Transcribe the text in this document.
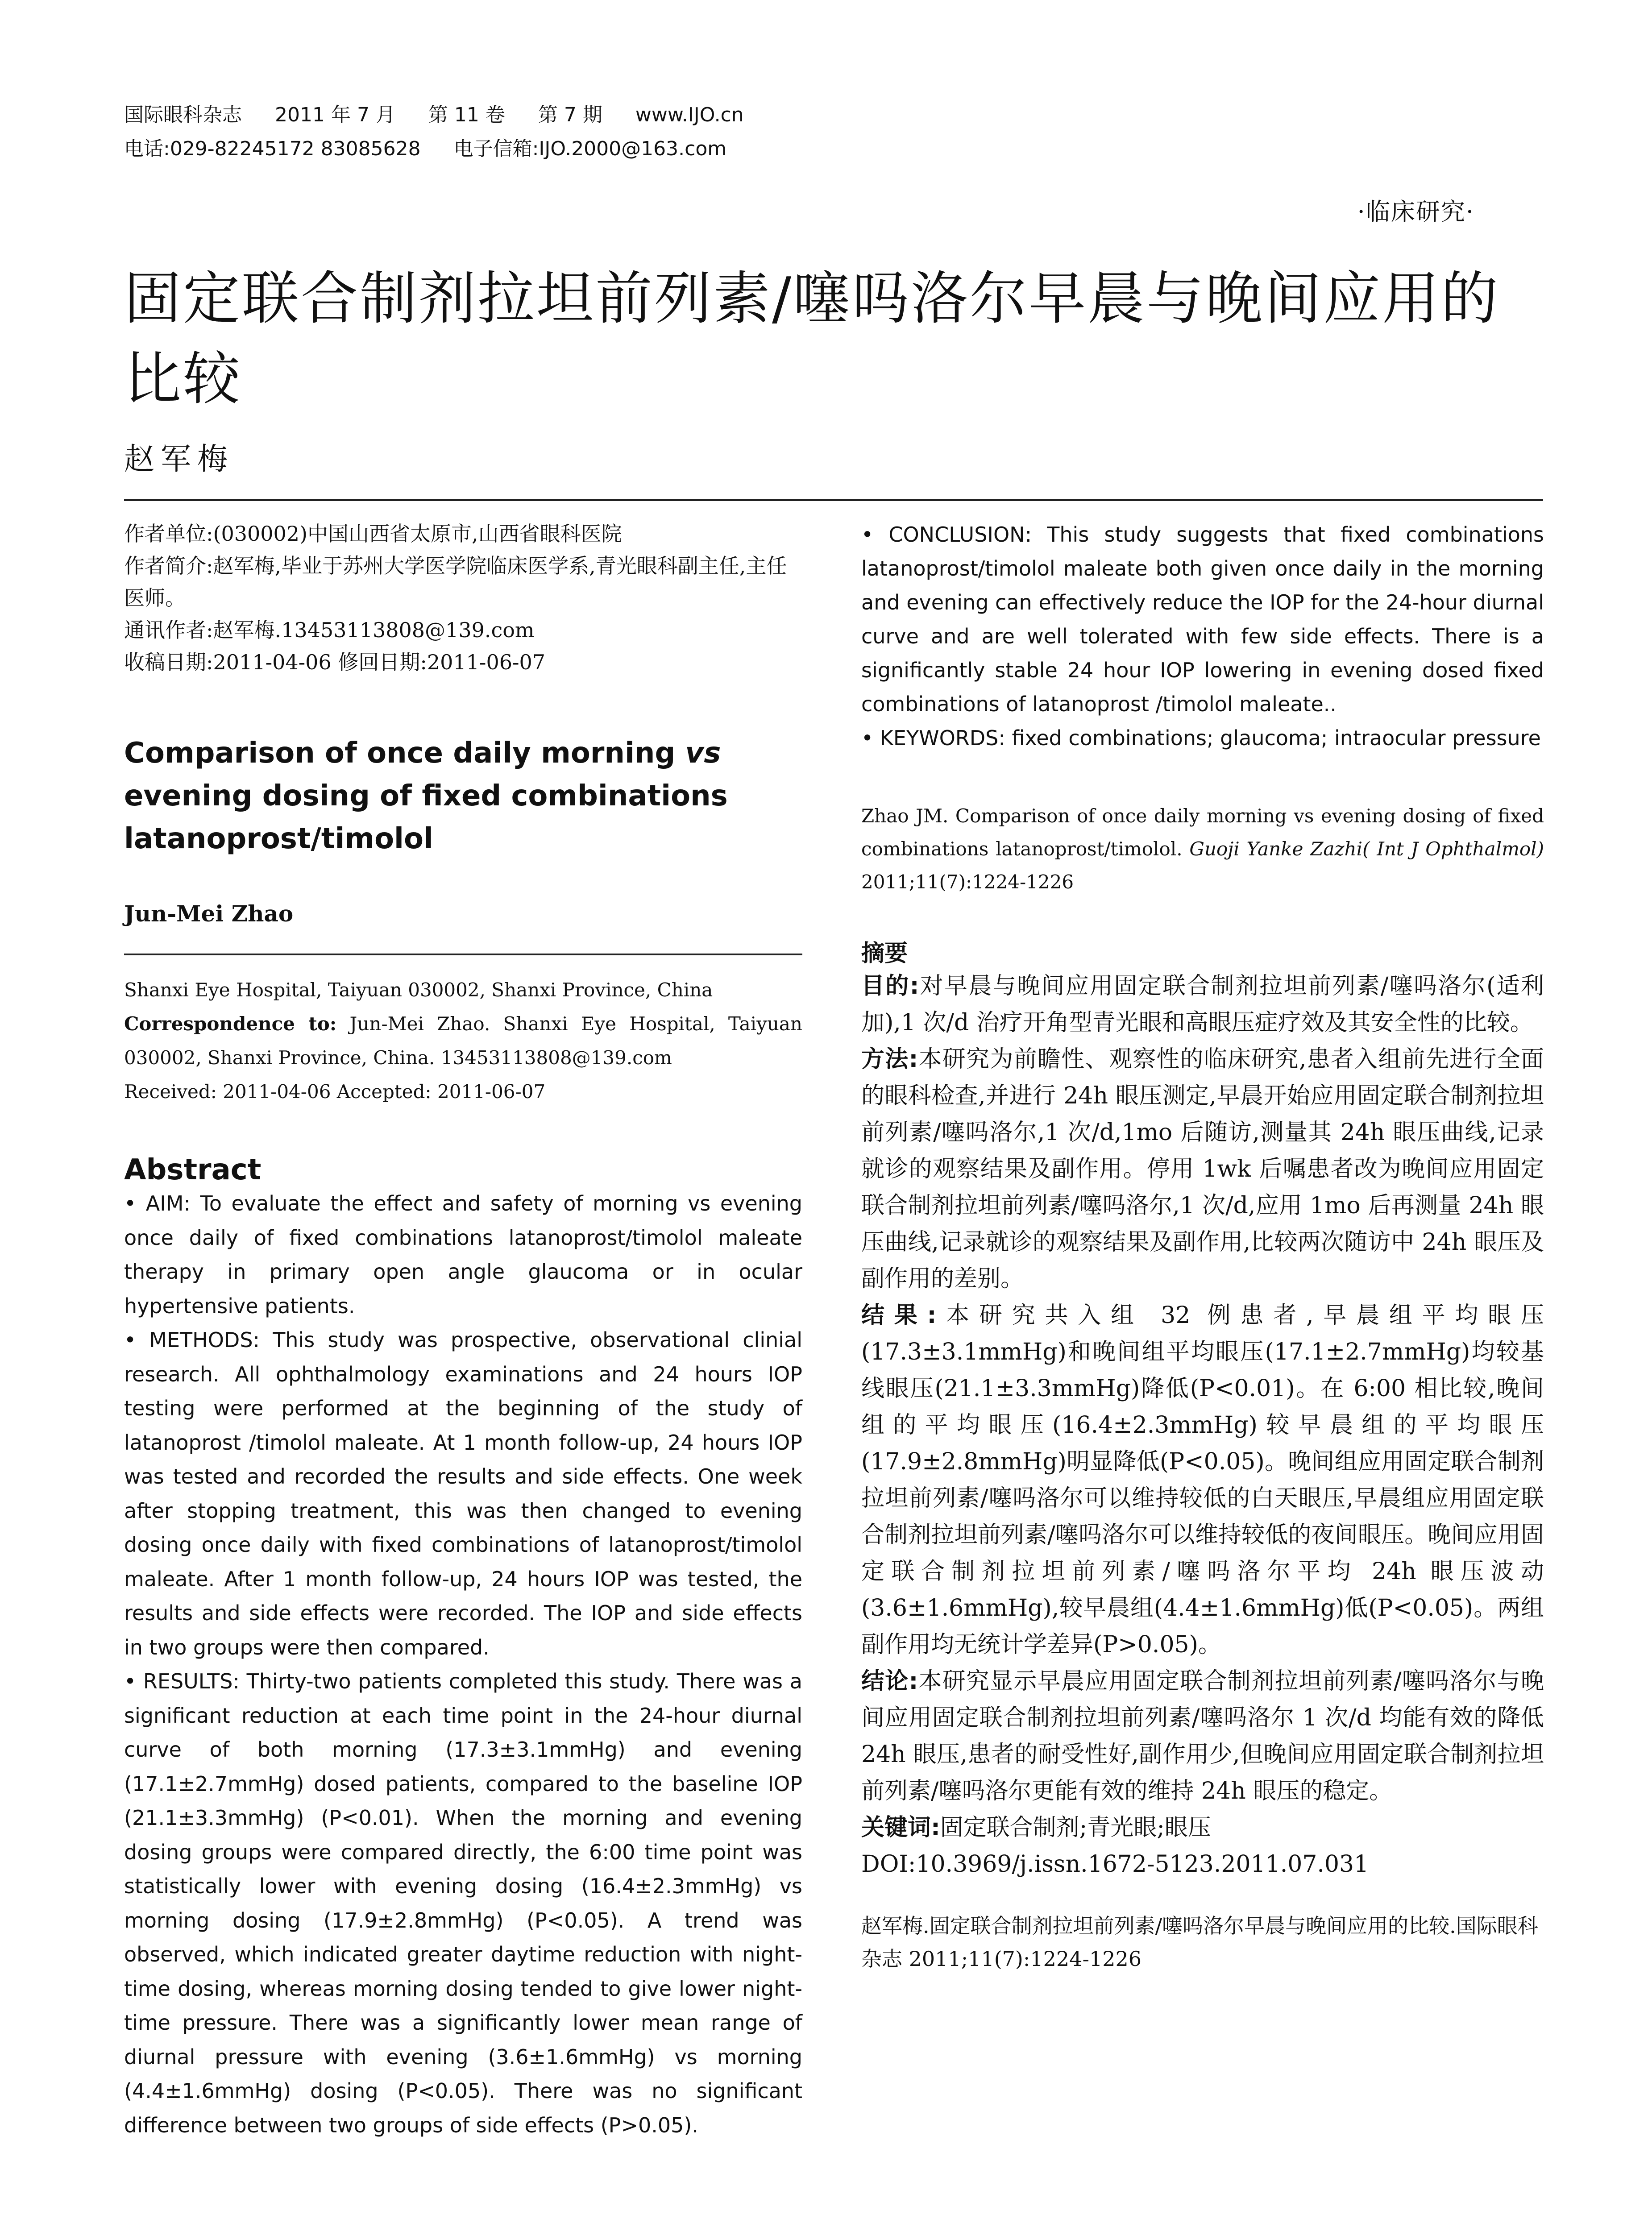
国际眼科杂志 2011 年 7 月 第 11 卷 第 7 期 www.IJO.cn
电话:029-82245172 83085628 电子信箱:IJO.2000@163.com
·临床研究·
固定联合制剂拉坦前列素/噻吗洛尔早晨与晚间应用的比较
赵军梅

作者单位:(030002)中国山西省太原市,山西省眼科医院

作者简介:赵军梅,毕业于苏州大学医学院临床医学系,青光眼科副主任,主任医师。

通讯作者:赵军梅.13453113808@139.com

收稿日期:2011-04-06 修回日期:2011-06-07

Comparison of once daily morning vs evening dosing of fixed combinations latanoprost/timolol
Jun-Mei Zhao

Shanxi Eye Hospital, Taiyuan 030002, Shanxi Province, China

Correspondence to: Jun-Mei Zhao. Shanxi Eye Hospital, Taiyuan 030002, Shanxi Province, China. 13453113808@139.com

Received: 2011-04-06 Accepted: 2011-06-07

Abstract

• AIM: To evaluate the effect and safety of morning vs evening once daily of fixed combinations latanoprost/timolol maleate therapy in primary open angle glaucoma or in ocular hypertensive patients.

• METHODS: This study was prospective, observational clinial research. All ophthalmology examinations and 24 hours IOP testing were performed at the beginning of the study of latanoprost /timolol maleate. At 1 month follow-up, 24 hours IOP was tested and recorded the results and side effects. One week after stopping treatment, this was then changed to evening dosing once daily with fixed combinations of latanoprost/timolol maleate. After 1 month follow-up, 24 hours IOP was tested, the results and side effects were recorded. The IOP and side effects in two groups were then compared.

• RESULTS: Thirty-two patients completed this study. There was a significant reduction at each time point in the 24-hour diurnal curve of both morning (17.3±3.1mmHg) and evening (17.1±2.7mmHg) dosed patients, compared to the baseline IOP (21.1±3.3mmHg) (P<0.01). When the morning and evening dosing groups were compared directly, the 6:00 time point was statistically lower with evening dosing (16.4±2.3mmHg) vs morning dosing (17.9±2.8mmHg) (P<0.05). A trend was observed, which indicated greater daytime reduction with night-time dosing, whereas morning dosing tended to give lower night-time pressure. There was a significantly lower mean range of diurnal pressure with evening (3.6±1.6mmHg) vs morning (4.4±1.6mmHg) dosing (P<0.05). There was no significant difference between two groups of side effects (P>0.05).

• CONCLUSION: This study suggests that fixed combinations latanoprost/timolol maleate both given once daily in the morning and evening can effectively reduce the IOP for the 24-hour diurnal curve and are well tolerated with few side effects. There is a significantly stable 24 hour IOP lowering in evening dosed fixed combinations of latanoprost /timolol maleate..

• KEYWORDS: fixed combinations; glaucoma; intraocular pressure

Zhao JM. Comparison of once daily morning vs evening dosing of fixed combinations latanoprost/timolol. Guoji Yanke Zazhi( Int J Ophthalmol) 2011;11(7):1224-1226

摘要

目的:对早晨与晚间应用固定联合制剂拉坦前列素/噻吗洛尔(适利加),1 次/d 治疗开角型青光眼和高眼压症疗效及其安全性的比较。

方法:本研究为前瞻性、观察性的临床研究,患者入组前先进行全面的眼科检查,并进行 24h 眼压测定,早晨开始应用固定联合制剂拉坦前列素/噻吗洛尔,1 次/d,1mo 后随访,测量其 24h 眼压曲线,记录就诊的观察结果及副作用。停用 1wk 后嘱患者改为晚间应用固定联合制剂拉坦前列素/噻吗洛尔,1 次/d,应用 1mo 后再测量 24h 眼压曲线,记录就诊的观察结果及副作用,比较两次随访中 24h 眼压及副作用的差别。

结果:本研究共入组 32 例患者,早晨组平均眼压(17.3±3.1mmHg)和晚间组平均眼压(17.1±2.7mmHg)均较基线眼压(21.1±3.3mmHg)降低(P<0.01)。在 6:00 相比较,晚间组的平均眼压(16.4±2.3mmHg)较早晨组的平均眼压(17.9±2.8mmHg)明显降低(P<0.05)。晚间组应用固定联合制剂拉坦前列素/噻吗洛尔可以维持较低的白天眼压,早晨组应用固定联合制剂拉坦前列素/噻吗洛尔可以维持较低的夜间眼压。晚间应用固定联合制剂拉坦前列素/噻吗洛尔平均 24h 眼压波动(3.6±1.6mmHg),较早晨组(4.4±1.6mmHg)低(P<0.05)。两组副作用均无统计学差异(P>0.05)。

结论:本研究显示早晨应用固定联合制剂拉坦前列素/噻吗洛尔与晚间应用固定联合制剂拉坦前列素/噻吗洛尔 1 次/d 均能有效的降低 24h 眼压,患者的耐受性好,副作用少,但晚间应用固定联合制剂拉坦前列素/噻吗洛尔更能有效的维持 24h 眼压的稳定。

关键词:固定联合制剂;青光眼;眼压

DOI:10.3969/j.issn.1672-5123.2011.07.031

赵军梅.固定联合制剂拉坦前列素/噻吗洛尔早晨与晚间应用的比较.国际眼科杂志 2011;11(7):1224-1226
